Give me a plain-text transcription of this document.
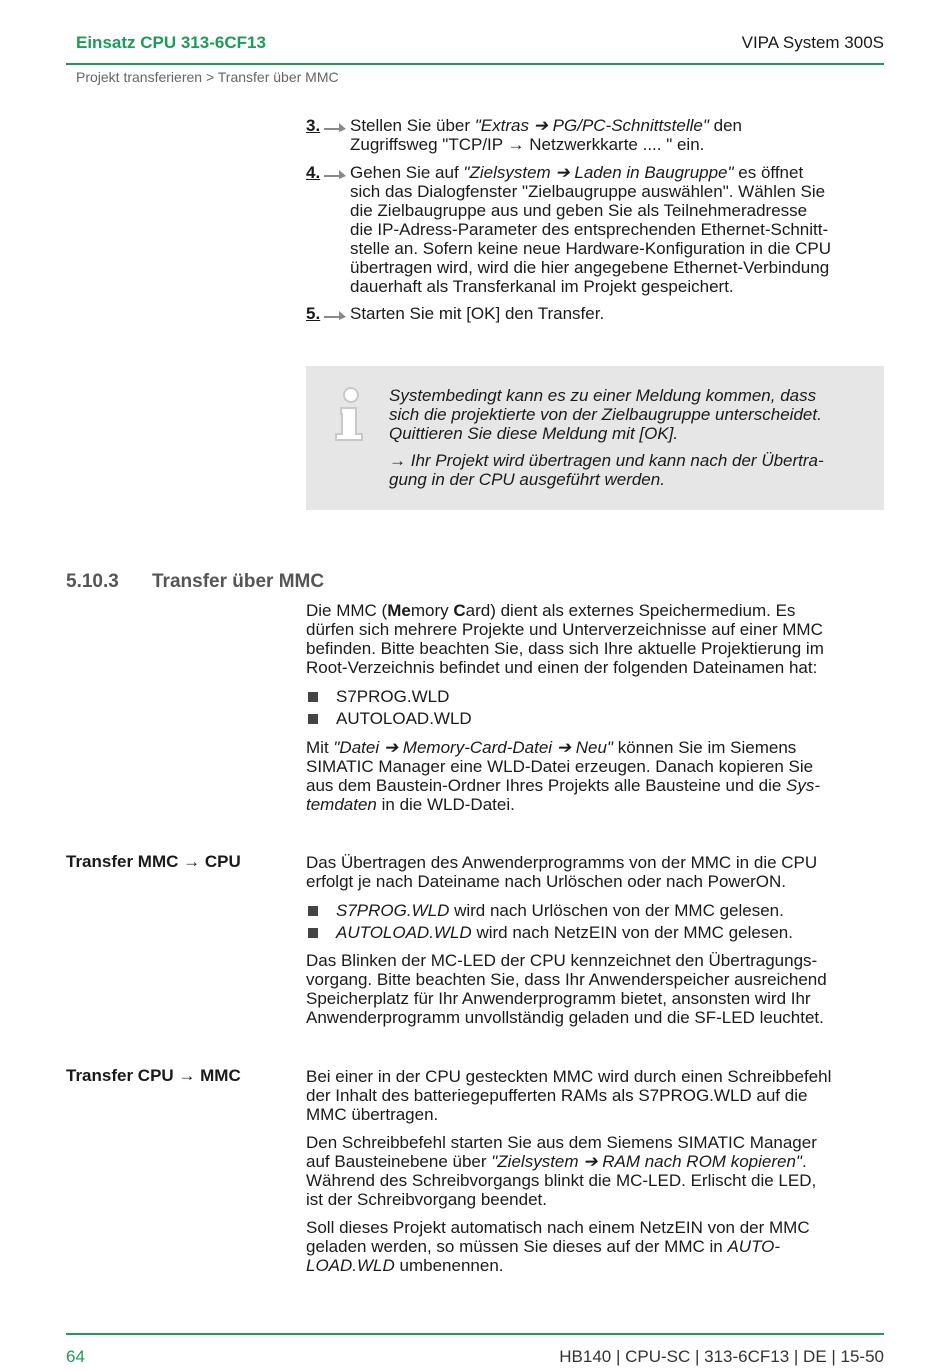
Einsatz CPU 313-6CF13	VIPA System 300S
Projekt transferieren > Transfer über MMC
3. Stellen Sie über "Extras ➔ PG/PC-Schnittstelle" den
Zugriffsweg "TCP/IP → Netzwerkkarte .... " ein.
4. Gehen Sie auf "Zielsystem ➔ Laden in Baugruppe" es öffnet
sich das Dialogfenster "Zielbaugruppe auswählen". Wählen Sie
die Zielbaugruppe aus und geben Sie als Teilnehmeradresse
die IP-Adress-Parameter des entsprechenden Ethernet-Schnitt-
stelle an. Sofern keine neue Hardware-Konfiguration in die CPU
übertragen wird, wird die hier angegebene Ethernet-Verbindung
dauerhaft als Transferkanal im Projekt gespeichert.
5. Starten Sie mit [OK] den Transfer.
Systembedingt kann es zu einer Meldung kommen, dass
sich die projektierte von der Zielbaugruppe unterscheidet.
Quittieren Sie diese Meldung mit [OK].
→ Ihr Projekt wird übertragen und kann nach der Übertra-
gung in der CPU ausgeführt werden.
5.10.3 Transfer über MMC
Die MMC (Memory Card) dient als externes Speichermedium. Es
dürfen sich mehrere Projekte und Unterverzeichnisse auf einer MMC
befinden. Bitte beachten Sie, dass sich Ihre aktuelle Projektierung im
Root-Verzeichnis befindet und einen der folgenden Dateinamen hat:
S7PROG.WLD
AUTOLOAD.WLD
Mit "Datei ➔ Memory-Card-Datei ➔ Neu" können Sie im Siemens
SIMATIC Manager eine WLD-Datei erzeugen. Danach kopieren Sie
aus dem Baustein-Ordner Ihres Projekts alle Bausteine und die Sys-
temdaten in die WLD-Datei.
Transfer MMC → CPU	Das Übertragen des Anwenderprogramms von der MMC in die CPU
erfolgt je nach Dateiname nach Urlöschen oder nach PowerON.
S7PROG.WLD wird nach Urlöschen von der MMC gelesen.
AUTOLOAD.WLD wird nach NetzEIN von der MMC gelesen.
Das Blinken der MC-LED der CPU kennzeichnet den Übertragungs-
vorgang. Bitte beachten Sie, dass Ihr Anwenderspeicher ausreichend
Speicherplatz für Ihr Anwenderprogramm bietet, ansonsten wird Ihr
Anwenderprogramm unvollständig geladen und die SF-LED leuchtet.
Transfer CPU → MMC	Bei einer in der CPU gesteckten MMC wird durch einen Schreibbefehl
der Inhalt des batteriegepufferten RAMs als S7PROG.WLD auf die
MMC übertragen.
Den Schreibbefehl starten Sie aus dem Siemens SIMATIC Manager
auf Bausteinebene über "Zielsystem ➔ RAM nach ROM kopieren".
Während des Schreibvorgangs blinkt die MC-LED. Erlischt die LED,
ist der Schreibvorgang beendet.
Soll dieses Projekt automatisch nach einem NetzEIN von der MMC
geladen werden, so müssen Sie dieses auf der MMC in AUTO-
LOAD.WLD umbenennen.
64	HB140 | CPU-SC | 313-6CF13 | DE | 15-50
